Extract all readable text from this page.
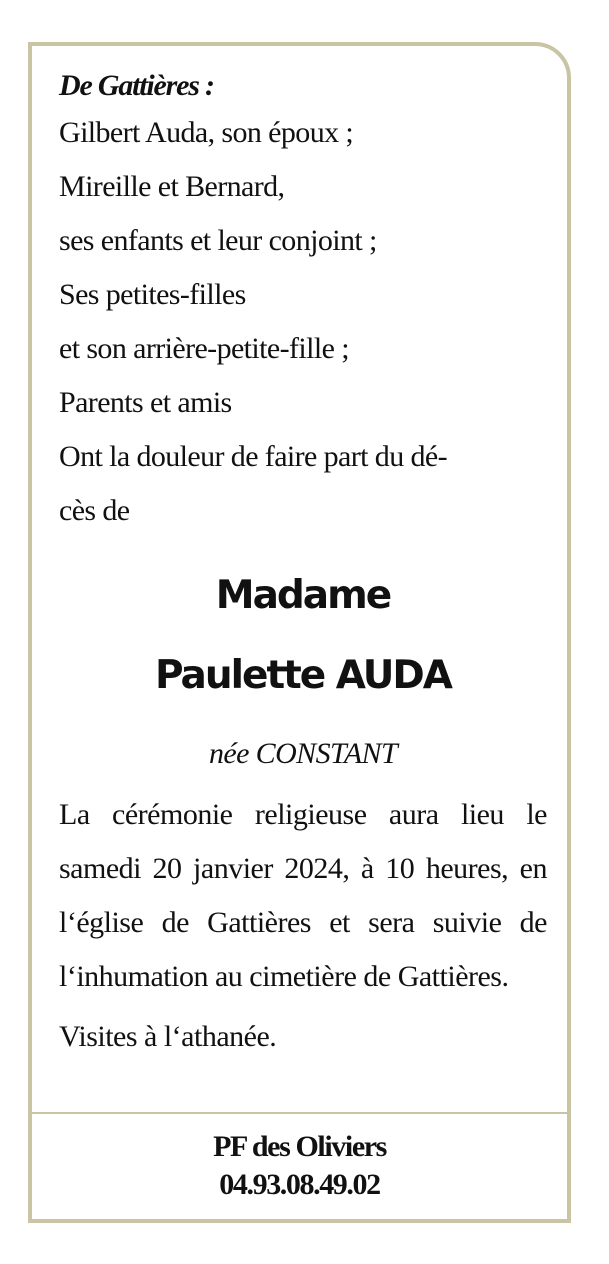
De Gattières :

Gilbert Auda, son époux ;

Mireille et Bernard,

ses enfants et leur conjoint ;

Ses petites-filles

et son arrière-petite-fille ;

Parents et amis

Ont la douleur de faire part du dé-

cès de

Madame

Paulette AUDA

née CONSTANT

La cérémonie religieuse aura lieu le samedi 20 janvier 2024, à 10 heures, en l‘église de Gattières et sera suivie de l‘inhumation au cimetière de Gattières.

Visites à l‘athanée.

PF des Oliviers

04.93.08.49.02
